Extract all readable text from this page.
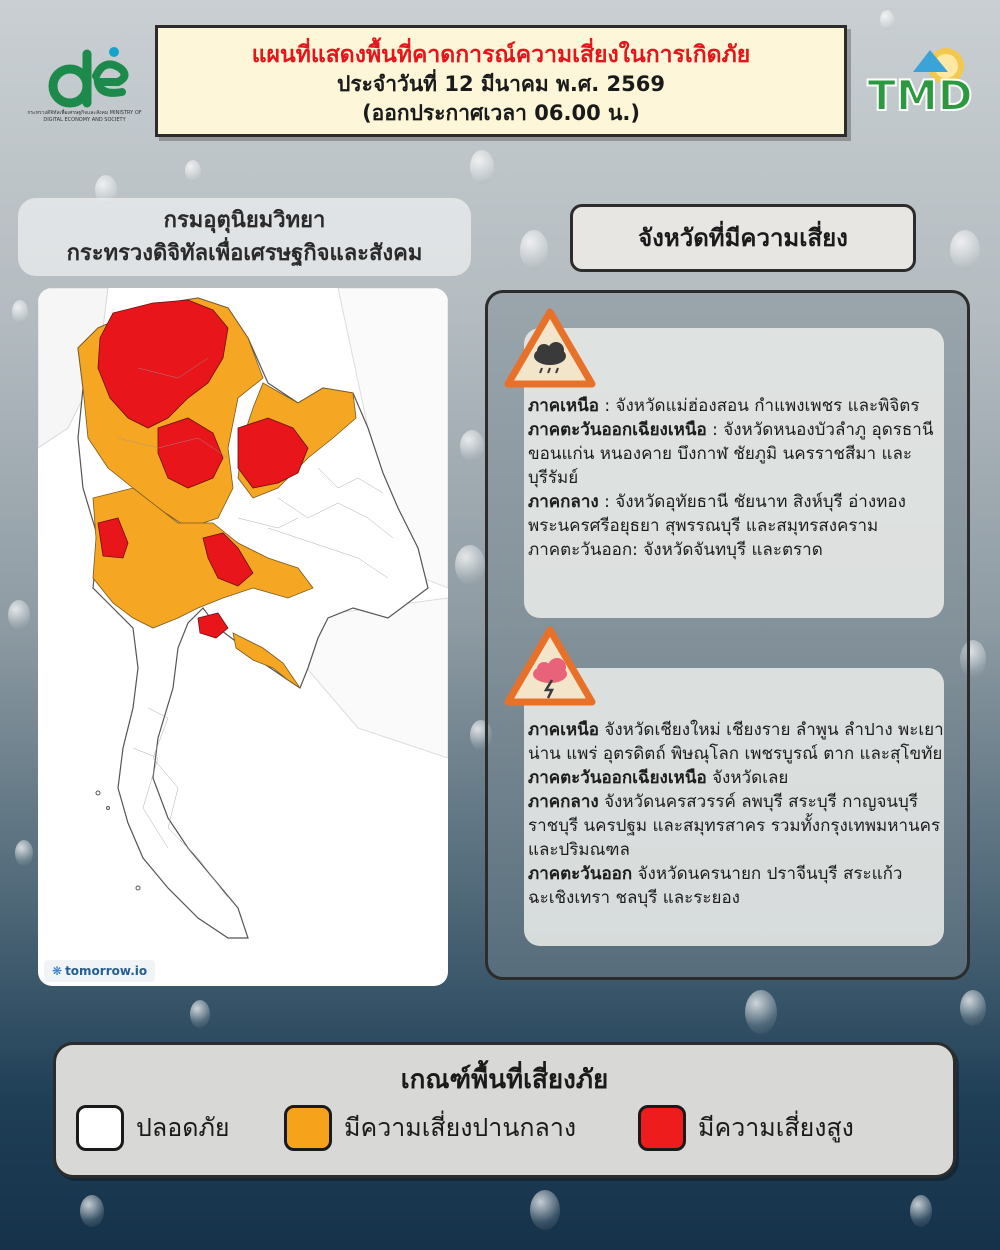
กระทรวงดิจิทัลเพื่อเศรษฐกิจและสังคม MINISTRY OF DIGITAL ECONOMY AND SOCIETY	TMD
แผนที่แสดงพื้นที่คาดการณ์ความเสี่ยงในการเกิดภัย
ประจำวันที่ 12 มีนาคม พ.ศ. 2569
(ออกประกาศเวลา 06.00 น.)
กรมอุตุนิยมวิทยา
กระทรวงดิจิทัลเพื่อเศรษฐกิจและสังคม
❋ tomorrow.io
จังหวัดที่มีความเสี่ยง

ภาคเหนือ : จังหวัดแม่ฮ่องสอน กำแพงเพชร และพิจิตร

ภาคตะวันออกเฉียงเหนือ : จังหวัดหนองบัวลำภู อุดรธานี ขอนแก่น หนองคาย บึงกาฬ ชัยภูมิ นครราชสีมา และบุรีรัมย์

ภาคกลาง : จังหวัดอุทัยธานี ชัยนาท สิงห์บุรี อ่างทอง พระนครศรีอยุธยา สุพรรณบุรี และสมุทรสงคราม

ภาคตะวันออก: จังหวัดจันทบุรี และตราด

ภาคเหนือ จังหวัดเชียงใหม่ เชียงราย ลำพูน ลำปาง พะเยา น่าน แพร่ อุตรดิตถ์ พิษณุโลก เพชรบูรณ์ ตาก และสุโขทัย

ภาคตะวันออกเฉียงเหนือ จังหวัดเลย

ภาคกลาง จังหวัดนครสวรรค์ ลพบุรี สระบุรี กาญจนบุรี ราชบุรี นครปฐม และสมุทรสาคร รวมทั้งกรุงเทพมหานคร และปริมณฑล

ภาคตะวันออก จังหวัดนครนายก ปราจีนบุรี สระแก้ว ฉะเชิงเทรา ชลบุรี และระยอง

เกณฑ์พื้นที่เสี่ยงภัย
ปลอดภัย	มีความเสี่ยงปานกลาง	มีความเสี่ยงสูง
